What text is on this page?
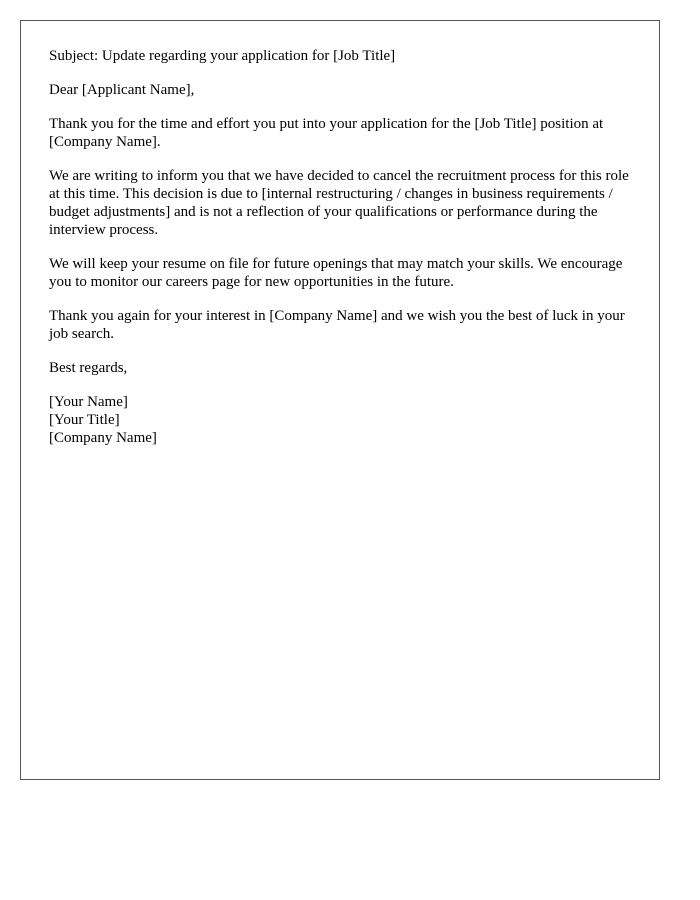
Subject: Update regarding your application for [Job Title]

Dear [Applicant Name],

Thank you for the time and effort you put into your application for the [Job Title] position at [Company Name].

We are writing to inform you that we have decided to cancel the recruitment process for this role at this time. This decision is due to [internal restructuring / changes in business requirements / budget adjustments] and is not a reflection of your qualifications or performance during the interview process.

We will keep your resume on file for future openings that may match your skills. We encourage you to monitor our careers page for new opportunities in the future.

Thank you again for your interest in [Company Name] and we wish you the best of luck in your job search.

Best regards,

[Your Name]
[Your Title]
[Company Name]
